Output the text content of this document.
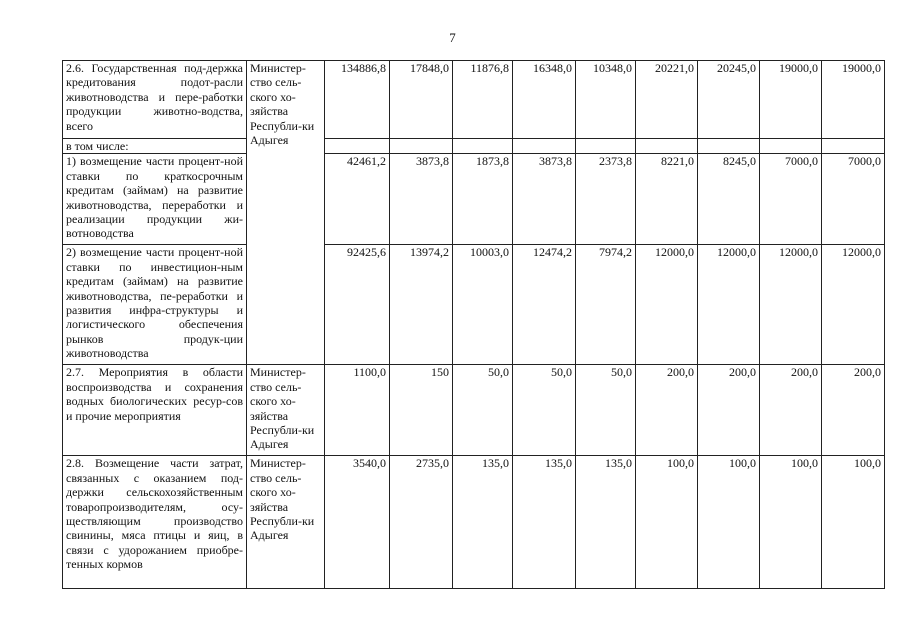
7
2.6. Государственная под-держка кредитования подот-расли животноводства и пере-работки продукции животно-водства, всего	Министер-ство сель-ского хо-зяйства Республи-ки Адыгея	134886,8	17848,0	11876,8	16348,0	10348,0	20221,0	20245,0	19000,0	19000,0
в том числе:										
1) возмещение части процент-ной ставки по краткосрочным кредитам (займам) на развитие животноводства, переработки и реализации продукции жи-вотноводства		42461,2	3873,8	1873,8	3873,8	2373,8	8221,0	8245,0	7000,0	7000,0
2) возмещение части процент-ной ставки по инвестицион-ным кредитам (займам) на развитие животноводства, пе-реработки и развития инфра-структуры и логистического обеспечения рынков продук-ции животноводства		92425,6	13974,2	10003,0	12474,2	7974,2	12000,0	12000,0	12000,0	12000,0
2.7. Мероприятия в области воспроизводства и сохранения водных биологических ресур-сов и прочие мероприятия	Министер-ство сель-ского хо-зяйства Республи-ки Адыгея	1100,0	150	50,0	50,0	50,0	200,0	200,0	200,0	200,0
2.8. Возмещение части затрат, связанных с оказанием под-держки сельскохозяйственным товаропроизводителям, осу-ществляющим производство свинины, мяса птицы и яиц, в связи с удорожанием приобре-тенных кормов	Министер-ство сель-ского хо-зяйства Республи-ки Адыгея	3540,0	2735,0	135,0	135,0	135,0	100,0	100,0	100,0	100,0
